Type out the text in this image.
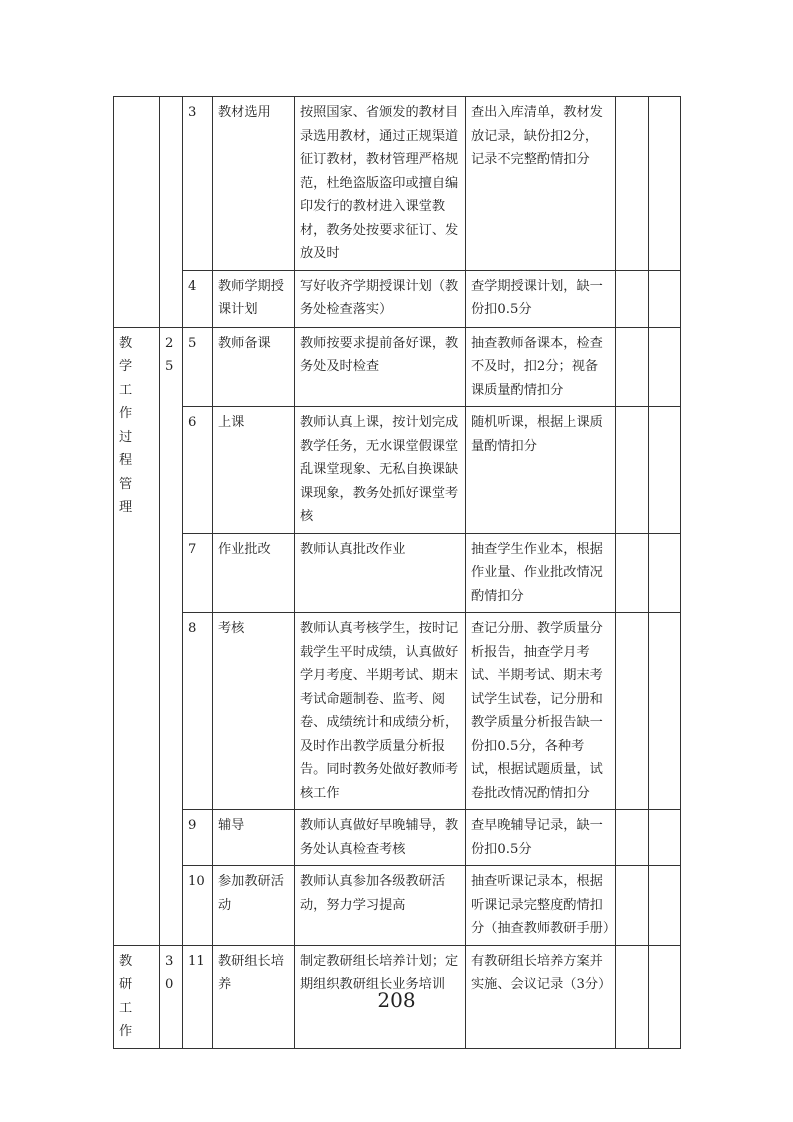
		3	教材选用	按照国家、省颁发的教材目录选用教材，通过正规渠道征订教材，教材管理严格规范，杜绝盗版盗印或擅自编印发行的教材进入课堂教材，教务处按要求征订、发放及时	查出入库清单，教材发放记录，缺份扣2分，记录不完整酌情扣分		
		4	教师学期授课计划	写好收齐学期授课计划（教务处检查落实）	查学期授课计划，缺一份扣0.5分		
教学工作过程管理	25	5	教师备课	教师按要求提前备好课，教务处及时检查	抽查教师备课本，检查不及时，扣2分；视备课质量酌情扣分		
		6	上课	教师认真上课，按计划完成教学任务，无水课堂假课堂乱课堂现象、无私自换课缺课现象，教务处抓好课堂考核	随机听课，根据上课质量酌情扣分		
		7	作业批改	教师认真批改作业	抽查学生作业本，根据作业量、作业批改情况酌情扣分		
		8	考核	教师认真考核学生，按时记载学生平时成绩，认真做好学月考度、半期考试、期末考试命题制卷、监考、阅卷、成绩统计和成绩分析，及时作出教学质量分析报告。同时教务处做好教师考核工作	查记分册、教学质量分析报告，抽查学月考试、半期考试、期末考试学生试卷，记分册和教学质量分析报告缺一份扣0.5分，各种考试，根据试题质量，试卷批改情况酌情扣分		
		9	辅导	教师认真做好早晚辅导，教务处认真检查考核	查早晚辅导记录，缺一份扣0.5分		
		10	参加教研活动	教师认真参加各级教研活动，努力学习提高	抽查听课记录本，根据听课记录完整度酌情扣分（抽查教师教研手册）		
教研工作	30	11	教研组长培养	制定教研组长培养计划；定期组织教研组长业务培训	有教研组长培养方案并实施、会议记录（3分）		
208
